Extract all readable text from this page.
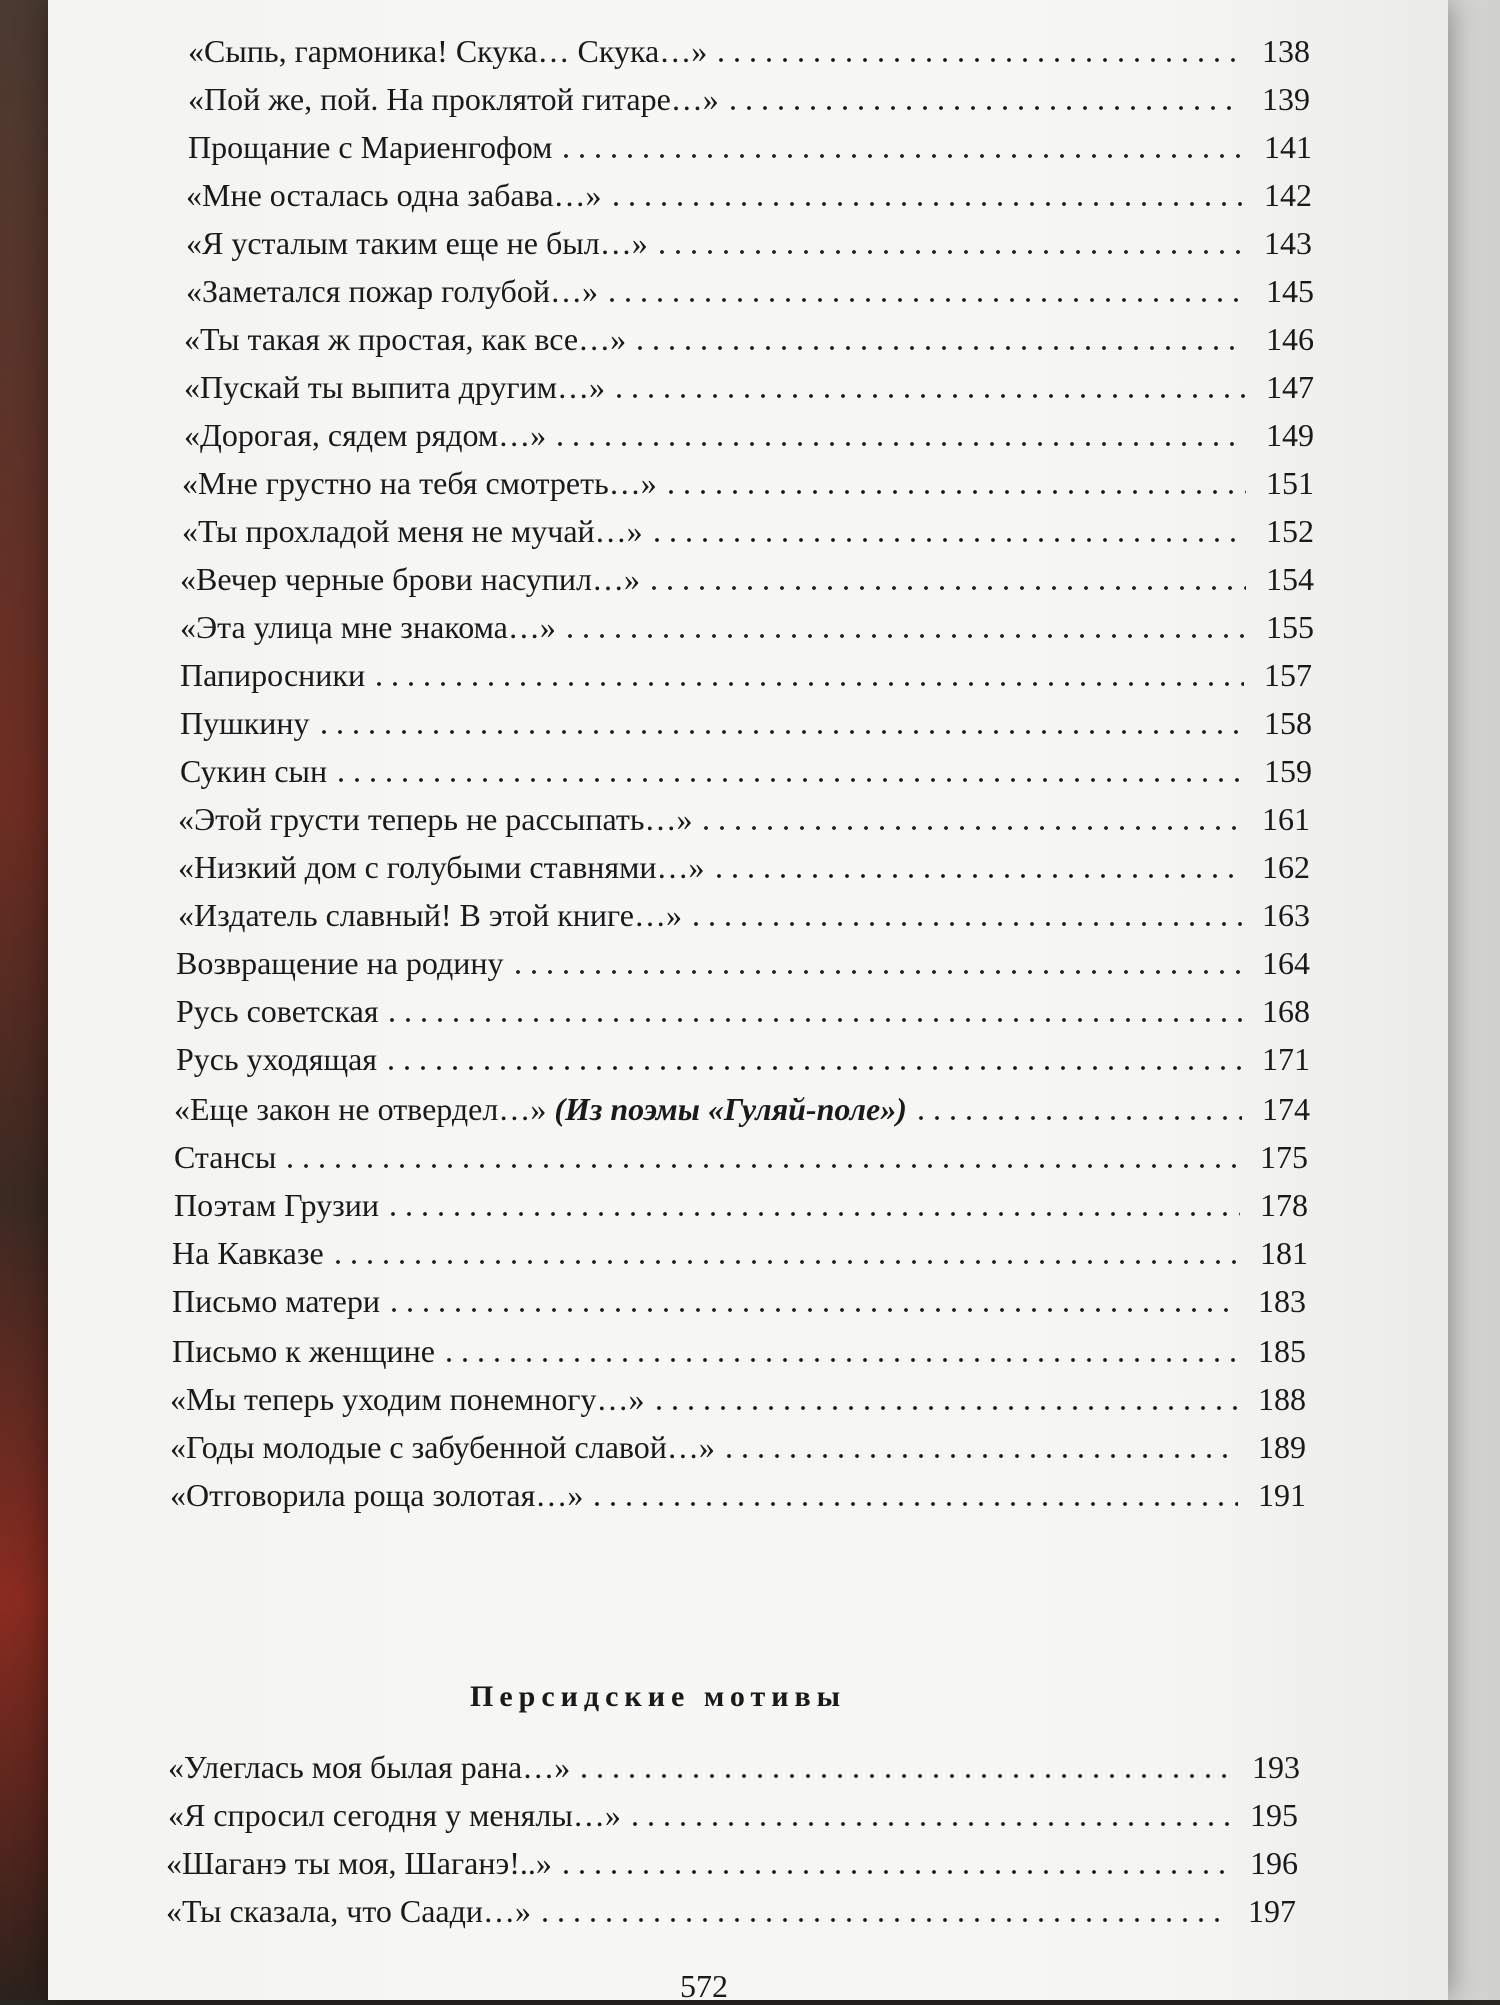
«Сыпь, гармоника! Скука… Скука…»	138
«Пой же, пой. На проклятой гитаре…»	139
Прощание с Мариенгофом	141
«Мне осталась одна забава…»	142
«Я усталым таким еще не был…»	143
«Заметался пожар голубой…»	145
«Ты такая ж простая, как все…»	146
«Пускай ты выпита другим…»	147
«Дорогая, сядем рядом…»	149
«Мне грустно на тебя смотреть…»	151
«Ты прохладой меня не мучай…»	152
«Вечер черные брови насупил…»	154
«Эта улица мне знакома…»	155
Папиросники	157
Пушкину	158
Сукин сын	159
«Этой грусти теперь не рассыпать…»	161
«Низкий дом с голубыми ставнями…»	162
«Издатель славный! В этой книге…»	163
Возвращение на родину	164
Русь советская	168
Русь уходящая	171
«Еще закон не отвердел…» (Из поэмы «Гуляй-поле»)	174
Стансы	175
Поэтам Грузии	178
На Кавказе	181
Письмо матери	183
Письмо к женщине	185
«Мы теперь уходим понемногу…»	188
«Годы молодые с забубенной славой…»	189
«Отговорила роща золотая…»	191
«Улеглась моя былая рана…»	193
«Я спросил сегодня у менялы…»	195
«Шаганэ ты моя, Шаганэ!..»	196
«Ты сказала, что Саади…»	197
Персидские мотивы
572
